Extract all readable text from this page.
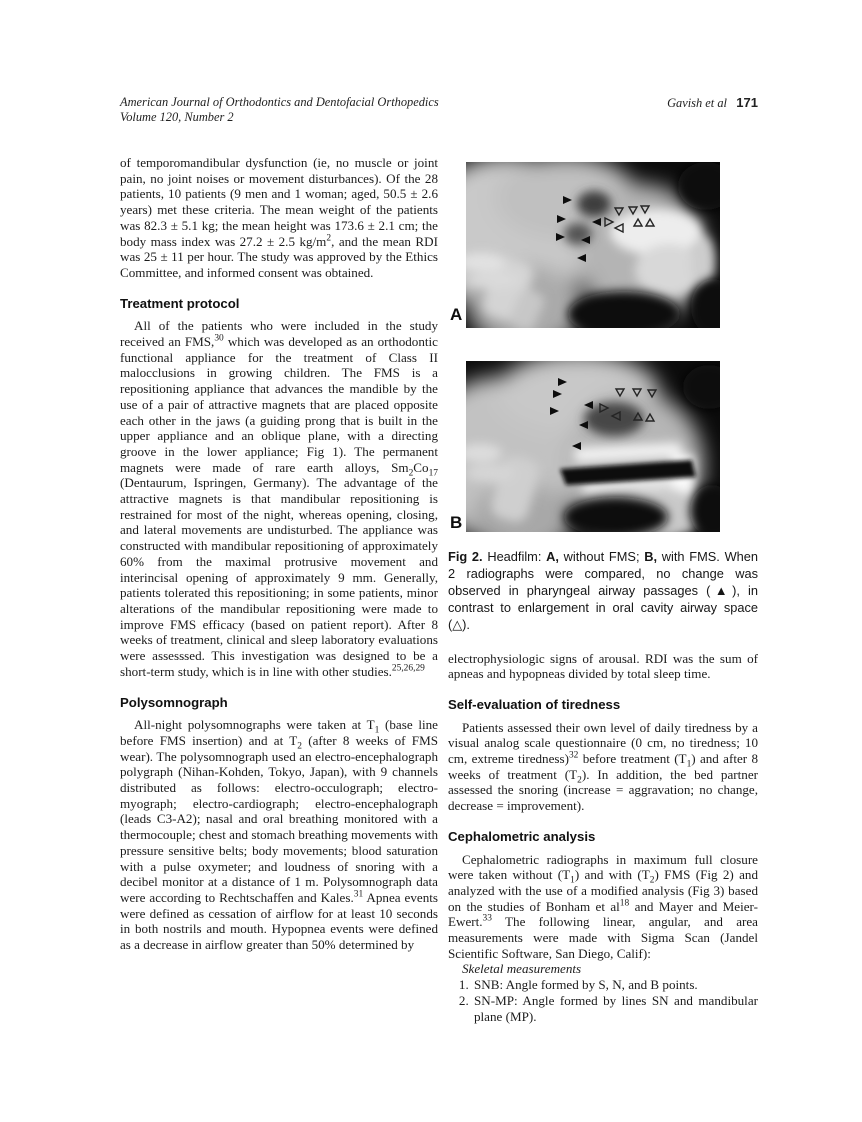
American Journal of Orthodontics and Dentofacial Orthopedics
Volume 120, Number 2
Gavish et al 171

of temporomandibular dysfunction (ie, no muscle or joint pain, no joint noises or movement disturbances). Of the 28 patients, 10 patients (9 men and 1 woman; aged, 50.5 ± 2.6 years) met these criteria. The mean weight of the patients was 82.3 ± 5.1 kg; the mean height was 173.6 ± 2.1 cm; the body mass index was 27.2 ± 2.5 $kg/m^2$, and the mean RDI was 25 ± 11 per hour. The study was approved by the Ethics Committee, and informed consent was obtained.

Treatment protocol

All of the patients who were included in the study received an FMS,$^{30}$ which was developed as an orthodontic functional appliance for the treatment of Class II malocclusions in growing children. The FMS is a repositioning appliance that advances the mandible by the use of a pair of attractive magnets that are placed opposite each other in the jaws (a guiding prong that is built in the upper appliance and an oblique plane, with a directing groove in the lower appliance; Fig 1). The permanent magnets were made of rare earth alloys, $Sm_2Co_{17}$ (Dentaurum, Ispringen, Germany). The advantage of the attractive magnets is that mandibular repositioning is restrained for most of the night, whereas opening, closing, and lateral movements are undisturbed. The appliance was constructed with mandibular repositioning of approximately 60% from the maximal protrusive movement and interincisal opening of approximately 9 mm. Generally, patients tolerated this repositioning; in some patients, minor alterations of the mandibular repositioning were made to improve FMS efficacy (based on patient report). After 8 weeks of treatment, clinical and sleep laboratory evaluations were assesssed. This investigation was designed to be a short-term study, which is in line with other studies.$^{25,26,29}$

Polysomnograph

All-night polysomnographs were taken at $T_1$ (base line before FMS insertion) and at $T_2$ (after 8 weeks of FMS wear). The polysomnograph used an electro-encephalograph polygraph (Nihan-Kohden, Tokyo, Japan), with 9 channels distributed as follows: electro-occulograph; electro-myograph; electro-cardiograph; electro-encephalograph (leads C3-A2); nasal and oral breathing monitored with a thermocouple; chest and stomach breathing movements with pressure sensitive belts; body movements; blood saturation with a pulse oxymeter; and loudness of snoring with a decibel monitor at a distance of 1 m. Polysomnograph data were according to Rechtschaffen and Kales.$^{31}$ Apnea events were defined as cessation of airflow for at least 10 seconds in both nostrils and mouth. Hypopnea events were defined as a decrease in airflow greater than 50% determined by

A
B

Fig 2. Headfilm: A, without FMS; B, with FMS. When 2 radiographs were compared, no change was observed in pharyngeal airway passages (▲), in contrast to enlargement in oral cavity airway space (△).

electrophysiologic signs of arousal. RDI was the sum of apneas and hypopneas divided by total sleep time.

Self-evaluation of tiredness

Patients assessed their own level of daily tiredness by a visual analog scale questionnaire (0 cm, no tiredness; 10 cm, extreme tiredness)$^{32}$ before treatment $(T_1)$ and after 8 weeks of treatment $(T_2)$. In addition, the bed partner assessed the snoring (increase = aggravation; no change, decrease = improvement).

Cephalometric analysis

Cephalometric radiographs in maximum full closure were taken without $(T_1)$ and with $(T_2)$ FMS (Fig 2) and analyzed with the use of a modified analysis (Fig 3) based on the studies of Bonham et $al^{18}$ and Mayer and Meier-Ewert.$^{33}$ The following linear, angular, and area measurements were made with Sigma Scan (Jandel Scientific Software, San Diego, Calif):

Skeletal measurements

1. SNB: Angle formed by S, N, and B points.
2. SN-MP: Angle formed by lines SN and mandibular plane (MP).
